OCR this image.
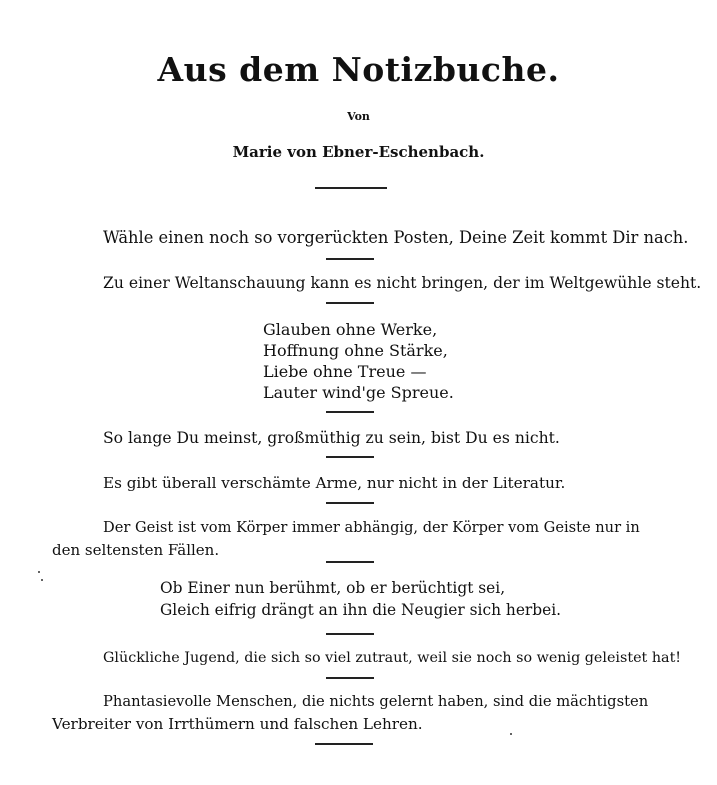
Aus dem Notizbuche.
Von
Marie von Ebner-Eschenbach.
Wähle einen noch so vorgerückten Posten, Deine Zeit kommt Dir nach.
Zu einer Weltanschauung kann es nicht bringen, der im Weltgewühle steht.
Glauben ohne Werke,
Hoffnung ohne Stärke,
Liebe ohne Treue —
Lauter wind'ge Spreue.
So lange Du meinst, großmüthig zu sein, bist Du es nicht.
Es gibt überall verschämte Arme, nur nicht in der Literatur.
Der Geist ist vom Körper immer abhängig, der Körper vom Geiste nur in
den seltensten Fällen.
Ob Einer nun berühmt, ob er berüchtigt sei,
Gleich eifrig drängt an ihn die Neugier sich herbei.
Glückliche Jugend, die sich so viel zutraut, weil sie noch so wenig geleistet hat!
Phantasievolle Menschen, die nichts gelernt haben, sind die mächtigsten
Verbreiter von Irrthümern und falschen Lehren.
